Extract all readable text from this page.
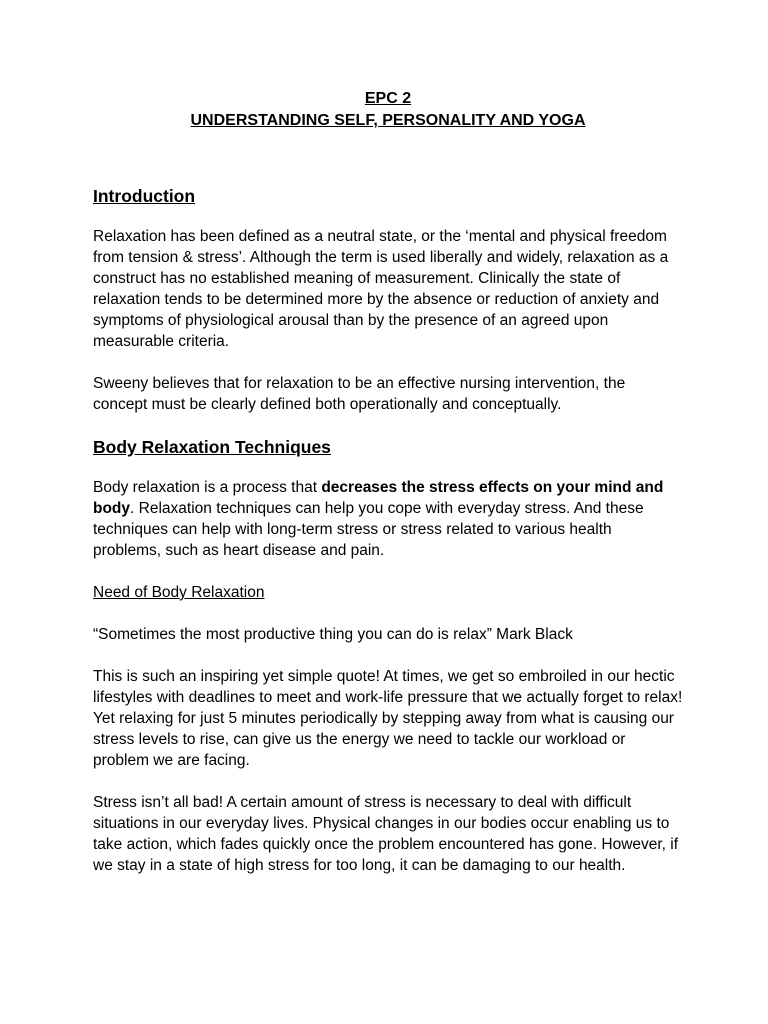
EPC 2
UNDERSTANDING SELF, PERSONALITY AND YOGA
Introduction

Relaxation has been defined as a neutral state, or the ‘mental and physical freedom from tension & stress’. Although the term is used liberally and widely, relaxation as a construct has no established meaning of measurement. Clinically the state of relaxation tends to be determined more by the absence or reduction of anxiety and symptoms of physiological arousal than by the presence of an agreed upon measurable criteria.

Sweeny believes that for relaxation to be an effective nursing intervention, the concept must be clearly defined both operationally and conceptually.

Body Relaxation Techniques

Body relaxation is a process that decreases the stress effects on your mind and body. Relaxation techniques can help you cope with everyday stress. And these techniques can help with long-term stress or stress related to various health problems, such as heart disease and pain.

Need of Body Relaxation

“Sometimes the most productive thing you can do is relax” Mark Black

This is such an inspiring yet simple quote! At times, we get so embroiled in our hectic lifestyles with deadlines to meet and work-life pressure that we actually forget to relax! Yet relaxing for just 5 minutes periodically by stepping away from what is causing our stress levels to rise, can give us the energy we need to tackle our workload or problem we are facing.

Stress isn’t all bad! A certain amount of stress is necessary to deal with difficult situations in our everyday lives. Physical changes in our bodies occur enabling us to take action, which fades quickly once the problem encountered has gone. However, if we stay in a state of high stress for too long, it can be damaging to our health.
